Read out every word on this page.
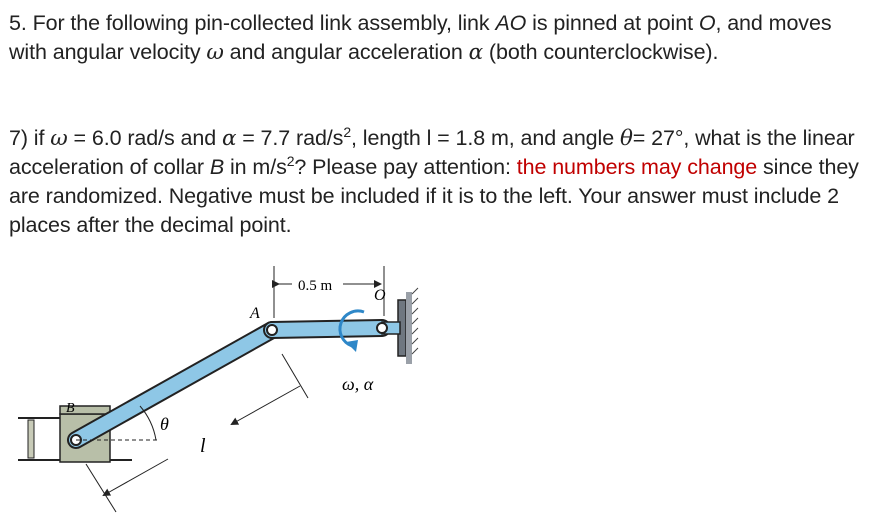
5. For the following pin-collected link assembly, link AO is pinned at point O, and moves with angular velocity ω and angular acceleration α (both counterclockwise).

7) if ω = 6.0 rad/s and α = 7.7 rad/$s^2$, length l = 1.8 m, and angle θ= 27°, what is the linear acceleration of collar B in $m/s^2$? Please pay attention: the numbers may change since they are randomized. Negative must be included if it is to the left. Your answer must include 2 places after the decimal point.

0.5 m
l
θ
A
O
B
ω, α
